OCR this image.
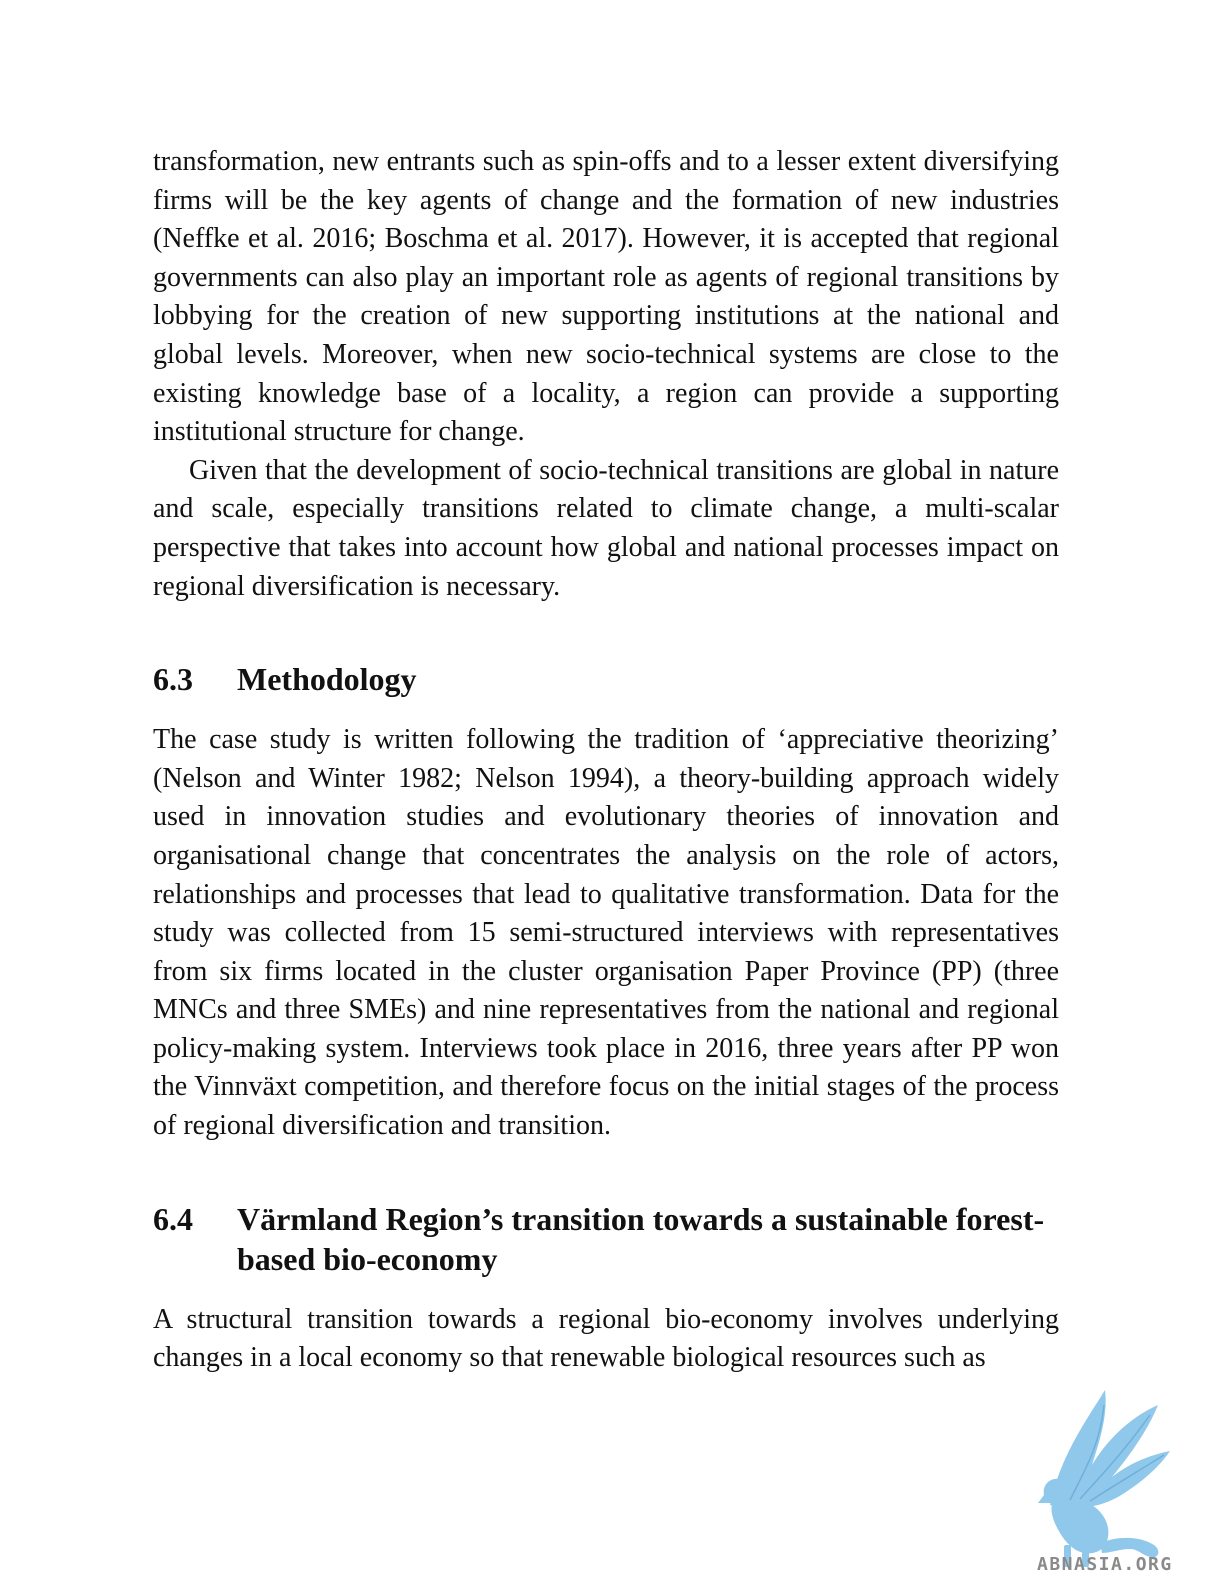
transformation, new entrants such as spin-offs and to a lesser extent diversifying firms will be the key agents of change and the formation of new industries (Neffke et al. 2016; Boschma et al. 2017). However, it is accepted that regional governments can also play an important role as agents of regional transitions by lobbying for the creation of new supporting institutions at the national and global levels. Moreover, when new socio-technical systems are close to the existing knowledge base of a locality, a region can provide a supporting institutional structure for change.

Given that the development of socio-technical transitions are global in nature and scale, especially transitions related to climate change, a multi-scalar perspective that takes into account how global and national processes impact on regional diversification is necessary.

6.3	Methodology

The case study is written following the tradition of ‘appreciative theorizing’ (Nelson and Winter 1982; Nelson 1994), a theory-building approach widely used in innovation studies and evolutionary theories of innovation and organisational change that concentrates the analysis on the role of actors, relationships and processes that lead to qualitative transformation. Data for the study was collected from 15 semi-structured interviews with representatives from six firms located in the cluster organisation Paper Province (PP) (three MNCs and three SMEs) and nine representatives from the national and regional policy-making system. Interviews took place in 2016, three years after PP won the Vinnväxt competition, and therefore focus on the initial stages of the process of regional diversification and transition.

6.4	Värmland Region’s transition towards a sustainable forest-based bio-economy

A structural transition towards a regional bio-economy involves underlying changes in a local economy so that renewable biological resources such as

ABNASIA.ORG
